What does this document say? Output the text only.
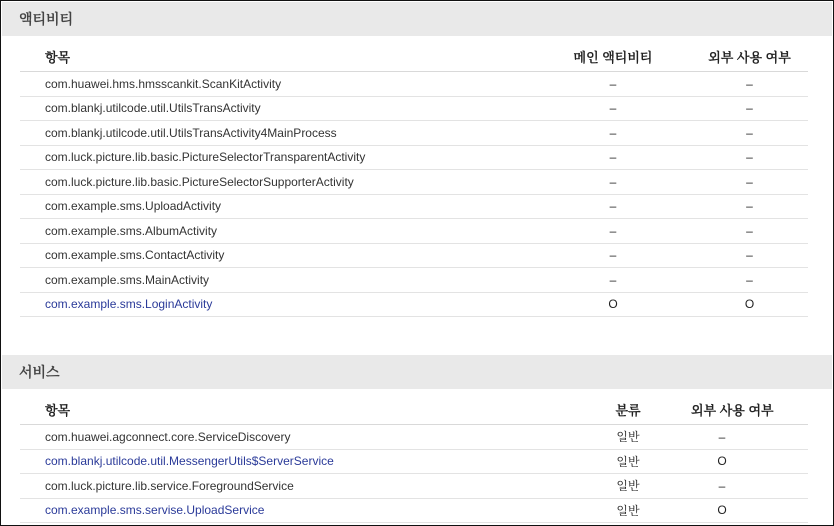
액티비티
항목	메인 액티비티	외부 사용 여부
com.huawei.hms.hmsscankit.ScanKitActivity	–	–
com.blankj.utilcode.util.UtilsTransActivity	–	–
com.blankj.utilcode.util.UtilsTransActivity4MainProcess	–	–
com.luck.picture.lib.basic.PictureSelectorTransparentActivity	–	–
com.luck.picture.lib.basic.PictureSelectorSupporterActivity	–	–
com.example.sms.UploadActivity	–	–
com.example.sms.AlbumActivity	–	–
com.example.sms.ContactActivity	–	–
com.example.sms.MainActivity	–	–
com.example.sms.LoginActivity	O	O
서비스
항목	분류	외부 사용 여부
com.huawei.agconnect.core.ServiceDiscovery	일반	–
com.blankj.utilcode.util.MessengerUtils$ServerService	일반	O
com.luck.picture.lib.service.ForegroundService	일반	–
com.example.sms.servise.UploadService	일반	O
